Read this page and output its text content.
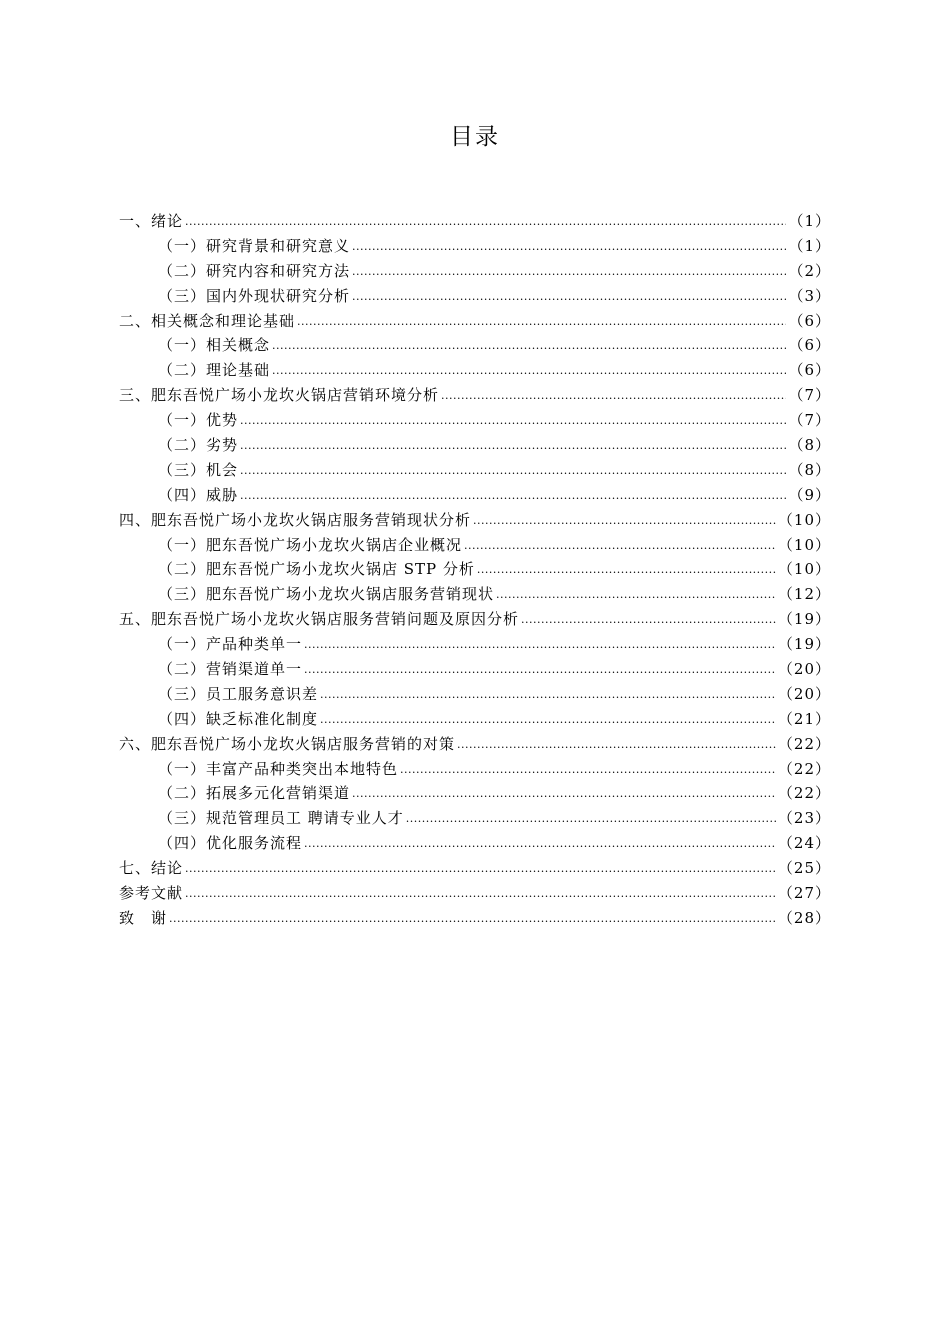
目录
一、绪论 .....	（1）
（一）研究背景和研究意义 .....	（1）
（二）研究内容和研究方法 .....	（2）
（三）国内外现状研究分析 .....	（3）
二、相关概念和理论基础 .....	（6）
（一）相关概念 .....	（6）
（二）理论基础 .....	（6）
三、肥东吾悦广场小龙坎火锅店营销环境分析 .....	（7）
（一）优势 .....	（7）
（二）劣势 .....	（8）
（三）机会 .....	（8）
（四）威胁 .....	（9）
四、肥东吾悦广场小龙坎火锅店服务营销现状分析 .....	（10）
（一）肥东吾悦广场小龙坎火锅店企业概况 .....	（10）
（二）肥东吾悦广场小龙坎火锅店 STP 分析 .....	（10）
（三）肥东吾悦广场小龙坎火锅店服务营销现状 .....	（12）
五、肥东吾悦广场小龙坎火锅店服务营销问题及原因分析 .....	（19）
（一）产品种类单一 .....	（19）
（二）营销渠道单一 .....	（20）
（三）员工服务意识差 .....	（20）
（四）缺乏标准化制度 .....	（21）
六、肥东吾悦广场小龙坎火锅店服务营销的对策 .....	（22）
（一）丰富产品种类突出本地特色 .....	（22）
（二）拓展多元化营销渠道 .....	（22）
（三）规范管理员工 聘请专业人才 .....	（23）
（四）优化服务流程 .....	（24）
七、结论 .....	（25）
参考文献 .....	（27）
致　谢 .....	（28）
